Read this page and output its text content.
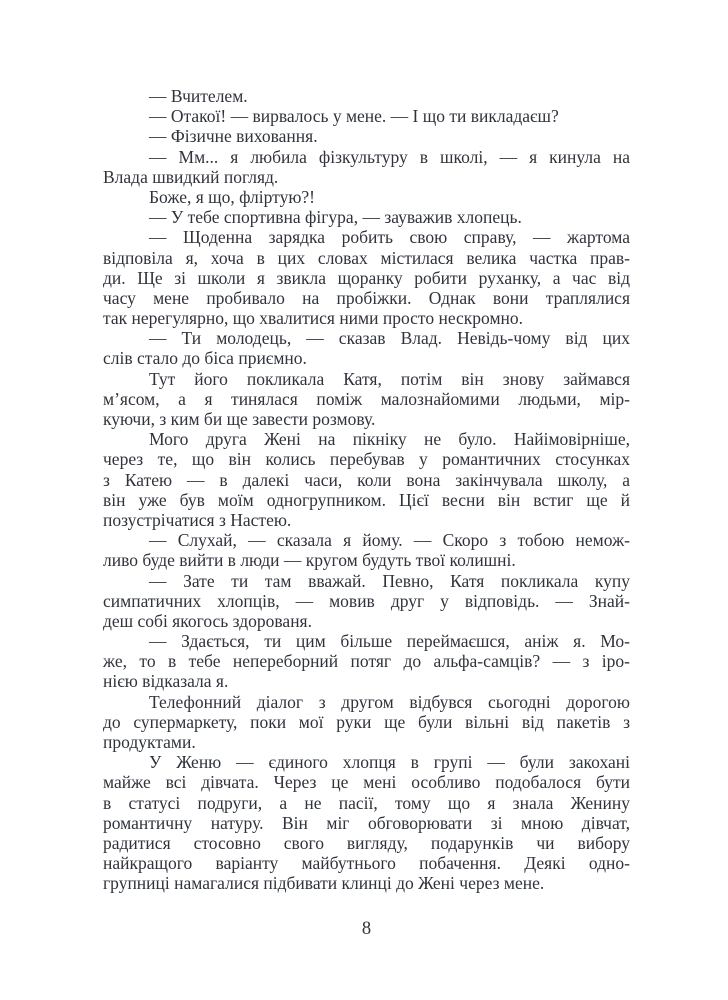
— Вчителем.
— Отакої! — вирвалось у мене. — І що ти викладаєш?
— Фізичне виховання.
— Мм... я любила фізкультуру в школі, — я кинула на
Влада швидкий погляд.
Боже, я що, фліртую?!
— У тебе спортивна фігура, — зауважив хлопець.
— Щоденна зарядка робить свою справу, — жартома
відповіла я, хоча в цих словах містилася велика частка прав-
ди. Ще зі школи я звикла щоранку робити руханку, а час від
часу мене пробивало на пробіжки. Однак вони траплялися
так нерегулярно, що хвалитися ними просто нескромно.
— Ти молодець, — сказав Влад. Невідь-чому від цих
слів стало до біса приємно.
Тут його покликала Катя, потім він знову займався
м’ясом, а я тинялася поміж малознайомими людьми, мір-
куючи, з ким би ще завести розмову.
Мого друга Жені на пікніку не було. Найімовірніше,
через те, що він колись перебував у романтичних стосунках
з Катею — в далекі часи, коли вона закінчувала школу, а
він уже був моїм одногрупником. Цієї весни він встиг ще й
позустрічатися з Настею.
— Слухай, — сказала я йому. — Скоро з тобою немож-
ливо буде вийти в люди — кругом будуть твої колишні.
— Зате ти там вважай. Певно, Катя покликала купу
симпатичних хлопців, — мовив друг у відповідь. — Знай-
деш собі якогось здорованя.
— Здається, ти цим більше переймаєшся, аніж я. Мо-
же, то в тебе непереборний потяг до альфа-самців? — з іро-
нією відказала я.
Телефонний діалог з другом відбувся сьогодні дорогою
до супермаркету, поки мої руки ще були вільні від пакетів з
продуктами.
У Женю — єдиного хлопця в групі — були закохані
майже всі дівчата. Через це мені особливо подобалося бути
в статусі подруги, а не пасії, тому що я знала Женину
романтичну натуру. Він міг обговорювати зі мною дівчат,
радитися стосовно свого вигляду, подарунків чи вибору
найкращого варіанту майбутнього побачення. Деякі одно-
групниці намагалися підбивати клинці до Жені через мене.
8
